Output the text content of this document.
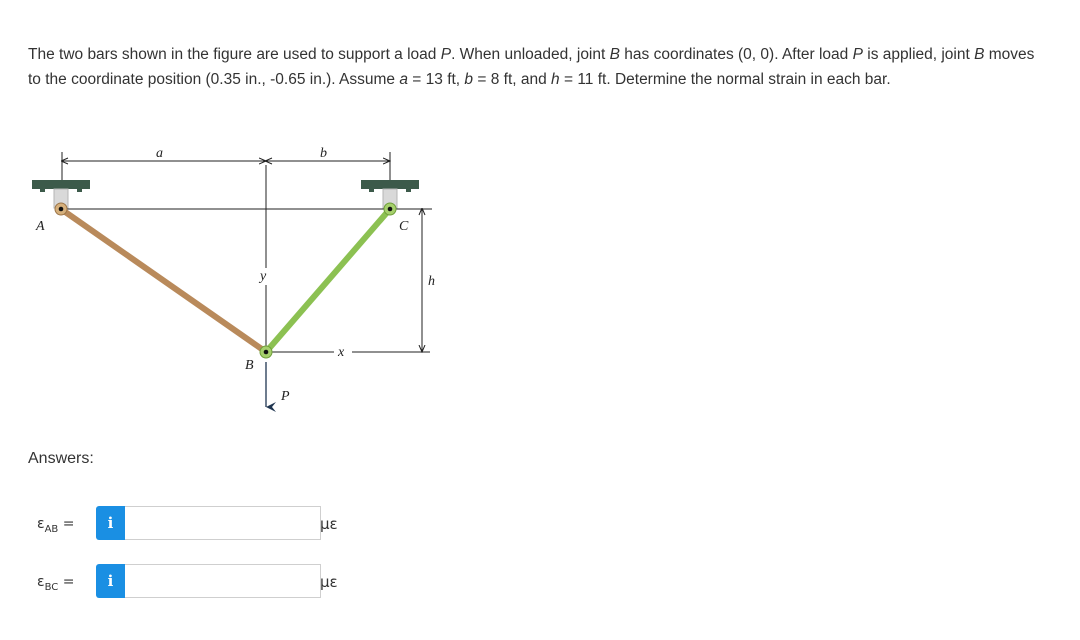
The two bars shown in the figure are used to support a load P. When unloaded, joint B has coordinates (0, 0). After load P is applied, joint B moves to the coordinate position (0.35 in., -0.65 in.). Assume a = 13 ft, b = 8 ft, and h = 11 ft. Determine the normal strain in each bar.
a	b
y
x
h
P
A
B
C
Answers:
$\varepsilon_{AB}$ =	i	με
$\varepsilon_{BC}$ =	i	με
